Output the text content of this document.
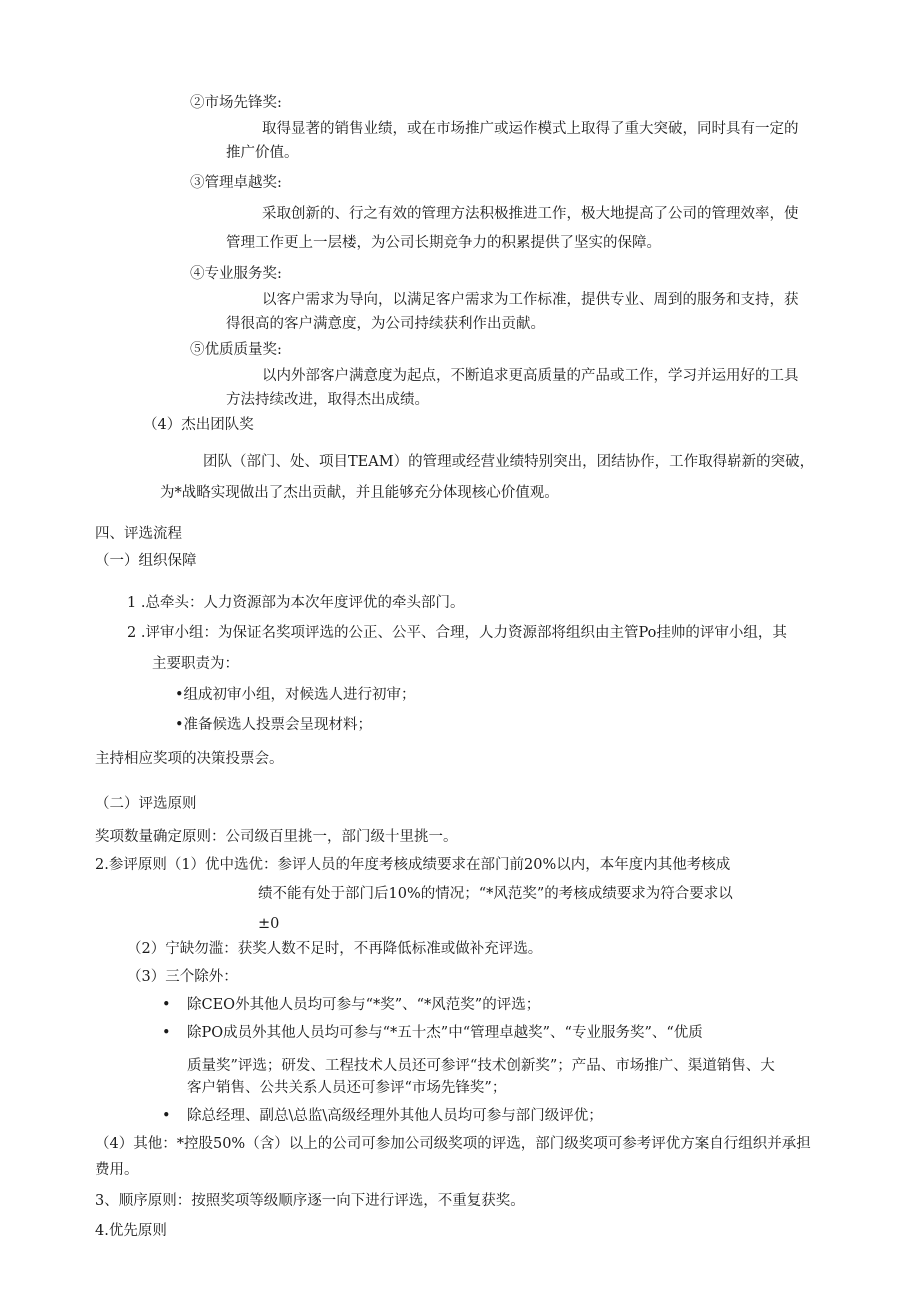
②市场先锋奖:
取得显著的销售业绩，或在市场推广或运作模式上取得了重大突破，同时具有一定的
推广价值。
③管理卓越奖:
采取创新的、行之有效的管理方法积极推进工作，极大地提高了公司的管理效率，使
管理工作更上一层楼，为公司长期竞争力的积累提供了坚实的保障。
④专业服务奖:
以客户需求为导向，以满足客户需求为工作标准，提供专业、周到的服务和支持，获
得很高的客户满意度，为公司持续获利作出贡献。
⑤优质质量奖:
以内外部客户满意度为起点，不断追求更高质量的产品或工作，学习并运用好的工具
方法持续改进，取得杰出成绩。
（4）杰出团队奖
团队（部门、处、项目TEAM）的管理或经营业绩特别突出，团结协作，工作取得崭新的突破，
为*战略实现做出了杰出贡献，并且能够充分体现核心价值观。
四、评选流程
（一）组织保障
1 .总牵头：人力资源部为本次年度评优的牵头部门。
2 .评审小组：为保证名奖项评选的公正、公平、合理，人力资源部将组织由主管Po挂帅的评审小组，其
主要职责为：
•组成初审小组，对候选人进行初审；
•准备候选人投票会呈现材料；
主持相应奖项的决策投票会。
（二）评选原则
奖项数量确定原则：公司级百里挑一，部门级十里挑一。
2.参评原则（1）优中选优：参评人员的年度考核成绩要求在部门前20%以内，本年度内其他考核成
绩不能有处于部门后10%的情况；“*风范奖”的考核成绩要求为符合要求以
±0
（2）宁缺勿滥：获奖人数不足时，不再降低标准或做补充评选。
（3）三个除外：
• 除CEO外其他人员均可参与“*奖”、“*风范奖”的评选；
• 除PO成员外其他人员均可参与“*五十杰”中“管理卓越奖”、“专业服务奖”、“优质
质量奖”评选；研发、工程技术人员还可参评“技术创新奖”；产品、市场推广、渠道销售、大
客户销售、公共关系人员还可参评“市场先锋奖”；
• 除总经理、副总\总监\高级经理外其他人员均可参与部门级评优；
（4）其他：*控股50%（含）以上的公司可参加公司级奖项的评选，部门级奖项可参考评优方案自行组织并承担
费用。
3、顺序原则：按照奖项等级顺序逐一向下进行评选，不重复获奖。
4.优先原则
